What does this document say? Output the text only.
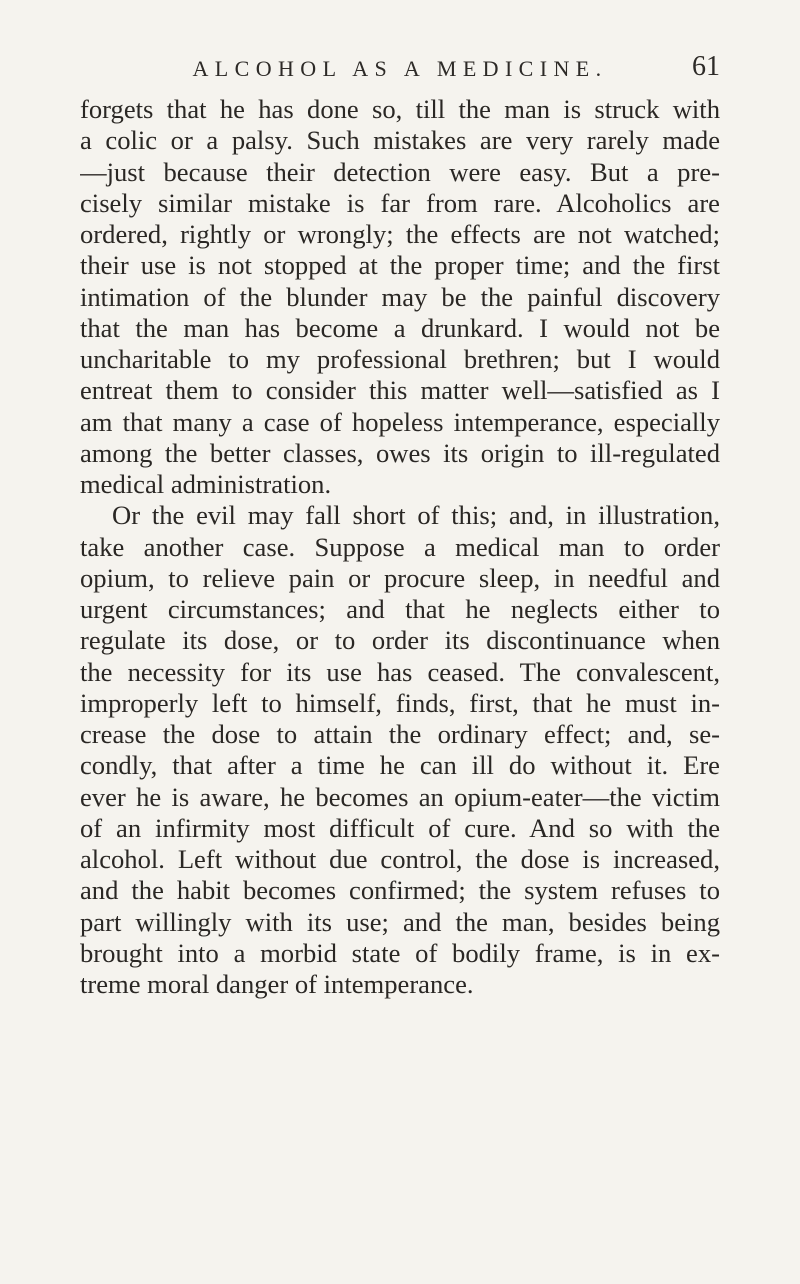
ALCOHOL AS A MEDICINE.	61

forgets that he has done so, till the man is struck with
a colic or a palsy. Such mistakes are very rarely made
—just because their detection were easy. But a pre-
cisely similar mistake is far from rare. Alcoholics are
ordered, rightly or wrongly; the effects are not watched;
their use is not stopped at the proper time; and the first
intimation of the blunder may be the painful discovery
that the man has become a drunkard. I would not be
uncharitable to my professional brethren; but I would
entreat them to consider this matter well—satisfied as I
am that many a case of hopeless intemperance, especially
among the better classes, owes its origin to ill-regulated
medical administration.

Or the evil may fall short of this; and, in illustration,
take another case. Suppose a medical man to order
opium, to relieve pain or procure sleep, in needful and
urgent circumstances; and that he neglects either to
regulate its dose, or to order its discontinuance when
the necessity for its use has ceased. The convalescent,
improperly left to himself, finds, first, that he must in-
crease the dose to attain the ordinary effect; and, se-
condly, that after a time he can ill do without it. Ere
ever he is aware, he becomes an opium-eater—the victim
of an infirmity most difficult of cure. And so with the
alcohol. Left without due control, the dose is increased,
and the habit becomes confirmed; the system refuses to
part willingly with its use; and the man, besides being
brought into a morbid state of bodily frame, is in ex-
treme moral danger of intemperance.
